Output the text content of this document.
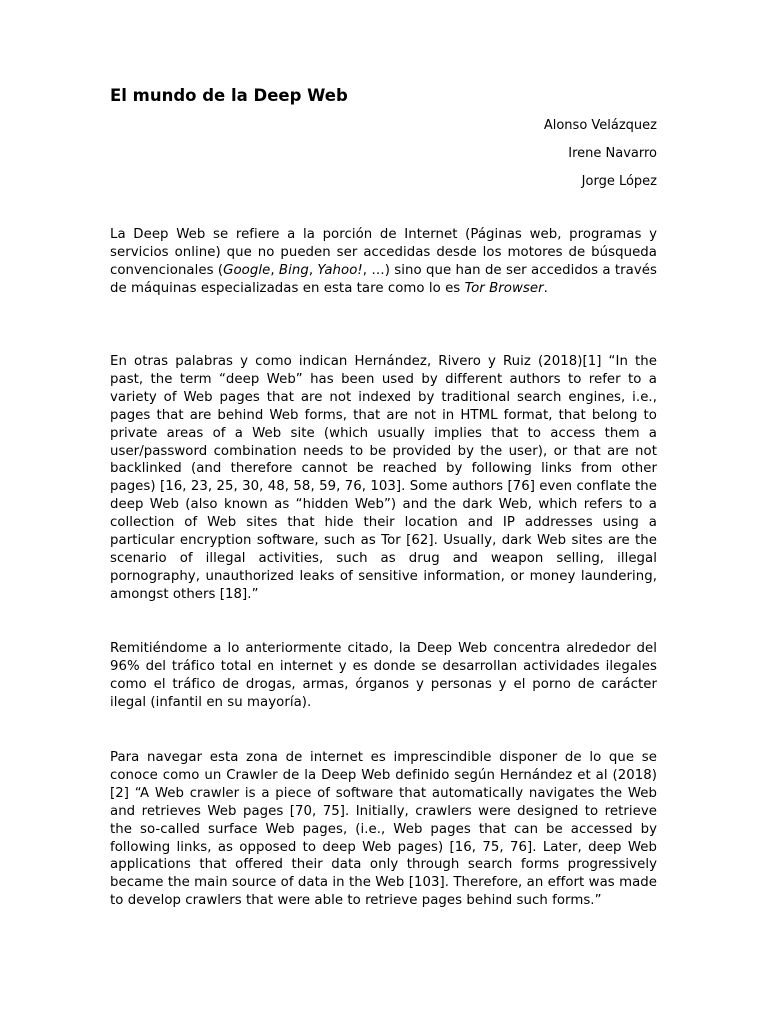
El mundo de la Deep Web
Alonso Velázquez
Irene Navarro
Jorge López

La Deep Web se refiere a la porción de Internet (Páginas web, programas y servicios online) que no pueden ser accedidas desde los motores de búsqueda convencionales (Google, Bing, Yahoo!, …) sino que han de ser accedidos a través de máquinas especializadas en esta tare como lo es Tor Browser.

En otras palabras y como indican Hernández, Rivero y Ruiz (2018)[1] “In the past, the term “deep Web” has been used by different authors to refer to a variety of Web pages that are not indexed by traditional search engines, i.e., pages that are behind Web forms, that are not in HTML format, that belong to private areas of a Web site (which usually implies that to access them a user/password combination needs to be provided by the user), or that are not backlinked (and therefore cannot be reached by following links from other pages) [16, 23, 25, 30, 48, 58, 59, 76, 103]. Some authors [76] even conflate the deep Web (also known as “hidden Web”) and the dark Web, which refers to a collection of Web sites that hide their location and IP addresses using a particular encryption software, such as Tor [62]. Usually, dark Web sites are the scenario of illegal activities, such as drug and weapon selling, illegal pornography, unauthorized leaks of sensitive information, or money laundering, amongst others [18].”

Remitiéndome a lo anteriormente citado, la Deep Web concentra alrededor del 96% del tráfico total en internet y es donde se desarrollan actividades ilegales como el tráfico de drogas, armas, órganos y personas y el porno de carácter ilegal (infantil en su mayoría).

Para navegar esta zona de internet es imprescindible disponer de lo que se conoce como un Crawler de la Deep Web definido según Hernández et al (2018)[2] “A Web crawler is a piece of software that automatically navigates the Web and retrieves Web pages [70, 75]. Initially, crawlers were designed to retrieve the so-called surface Web pages, (i.e., Web pages that can be accessed by following links, as opposed to deep Web pages) [16, 75, 76]. Later, deep Web applications that offered their data only through search forms progressively became the main source of data in the Web [103]. Therefore, an effort was made to develop crawlers that were able to retrieve pages behind such forms.”
